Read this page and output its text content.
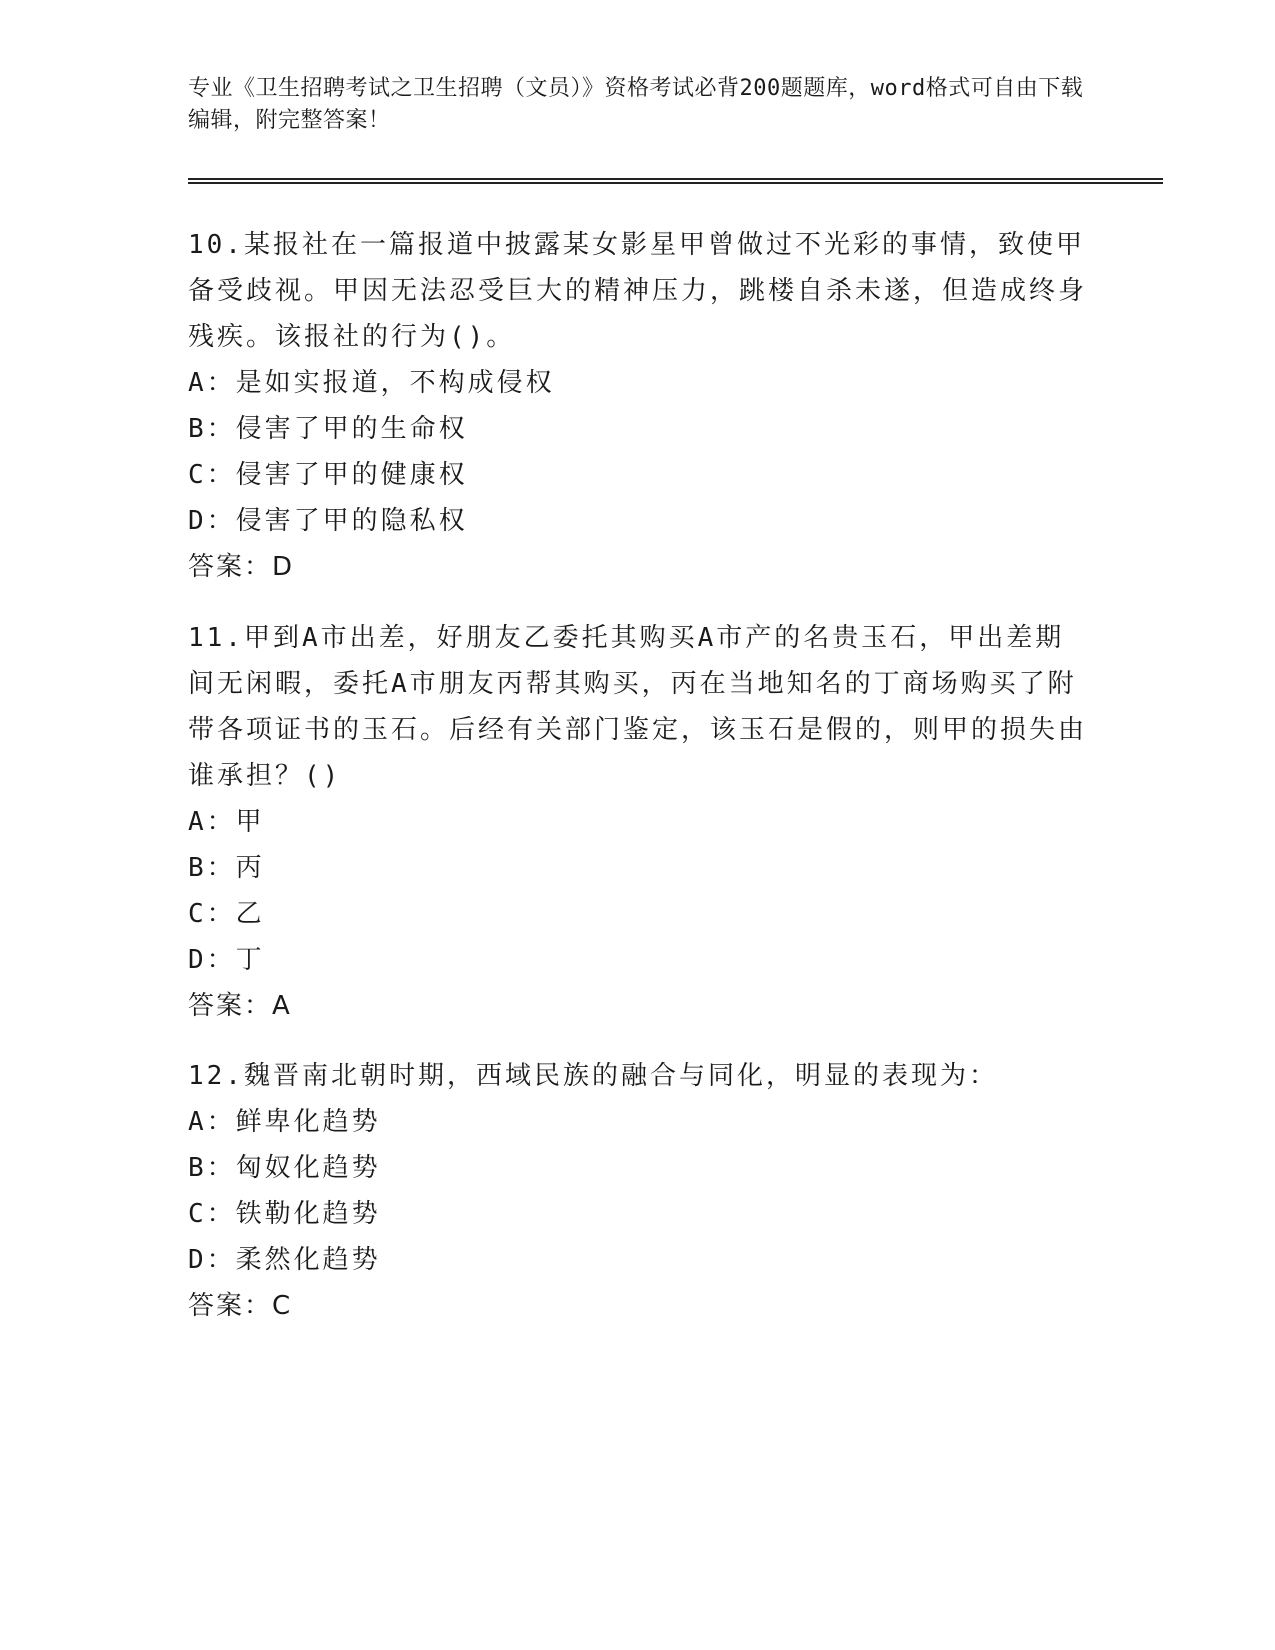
专业《卫生招聘考试之卫生招聘（文员）》资格考试必背200题题库，word格式可自由下载编辑，附完整答案！

10.某报社在一篇报道中披露某女影星甲曾做过不光彩的事情，致使甲备受歧视。甲因无法忍受巨大的精神压力，跳楼自杀未遂，但造成终身残疾。该报社的行为()。

A：是如实报道，不构成侵权

B：侵害了甲的生命权

C：侵害了甲的健康权

D：侵害了甲的隐私权

答案：D

11.甲到A市出差，好朋友乙委托其购买A市产的名贵玉石，甲出差期间无闲暇，委托A市朋友丙帮其购买，丙在当地知名的丁商场购买了附带各项证书的玉石。后经有关部门鉴定，该玉石是假的，则甲的损失由谁承担？()

A：甲

B：丙

C：乙

D：丁

答案：A

12.魏晋南北朝时期，西域民族的融合与同化，明显的表现为：

A：鲜卑化趋势

B：匈奴化趋势

C：铁勒化趋势

D：柔然化趋势

答案：C
